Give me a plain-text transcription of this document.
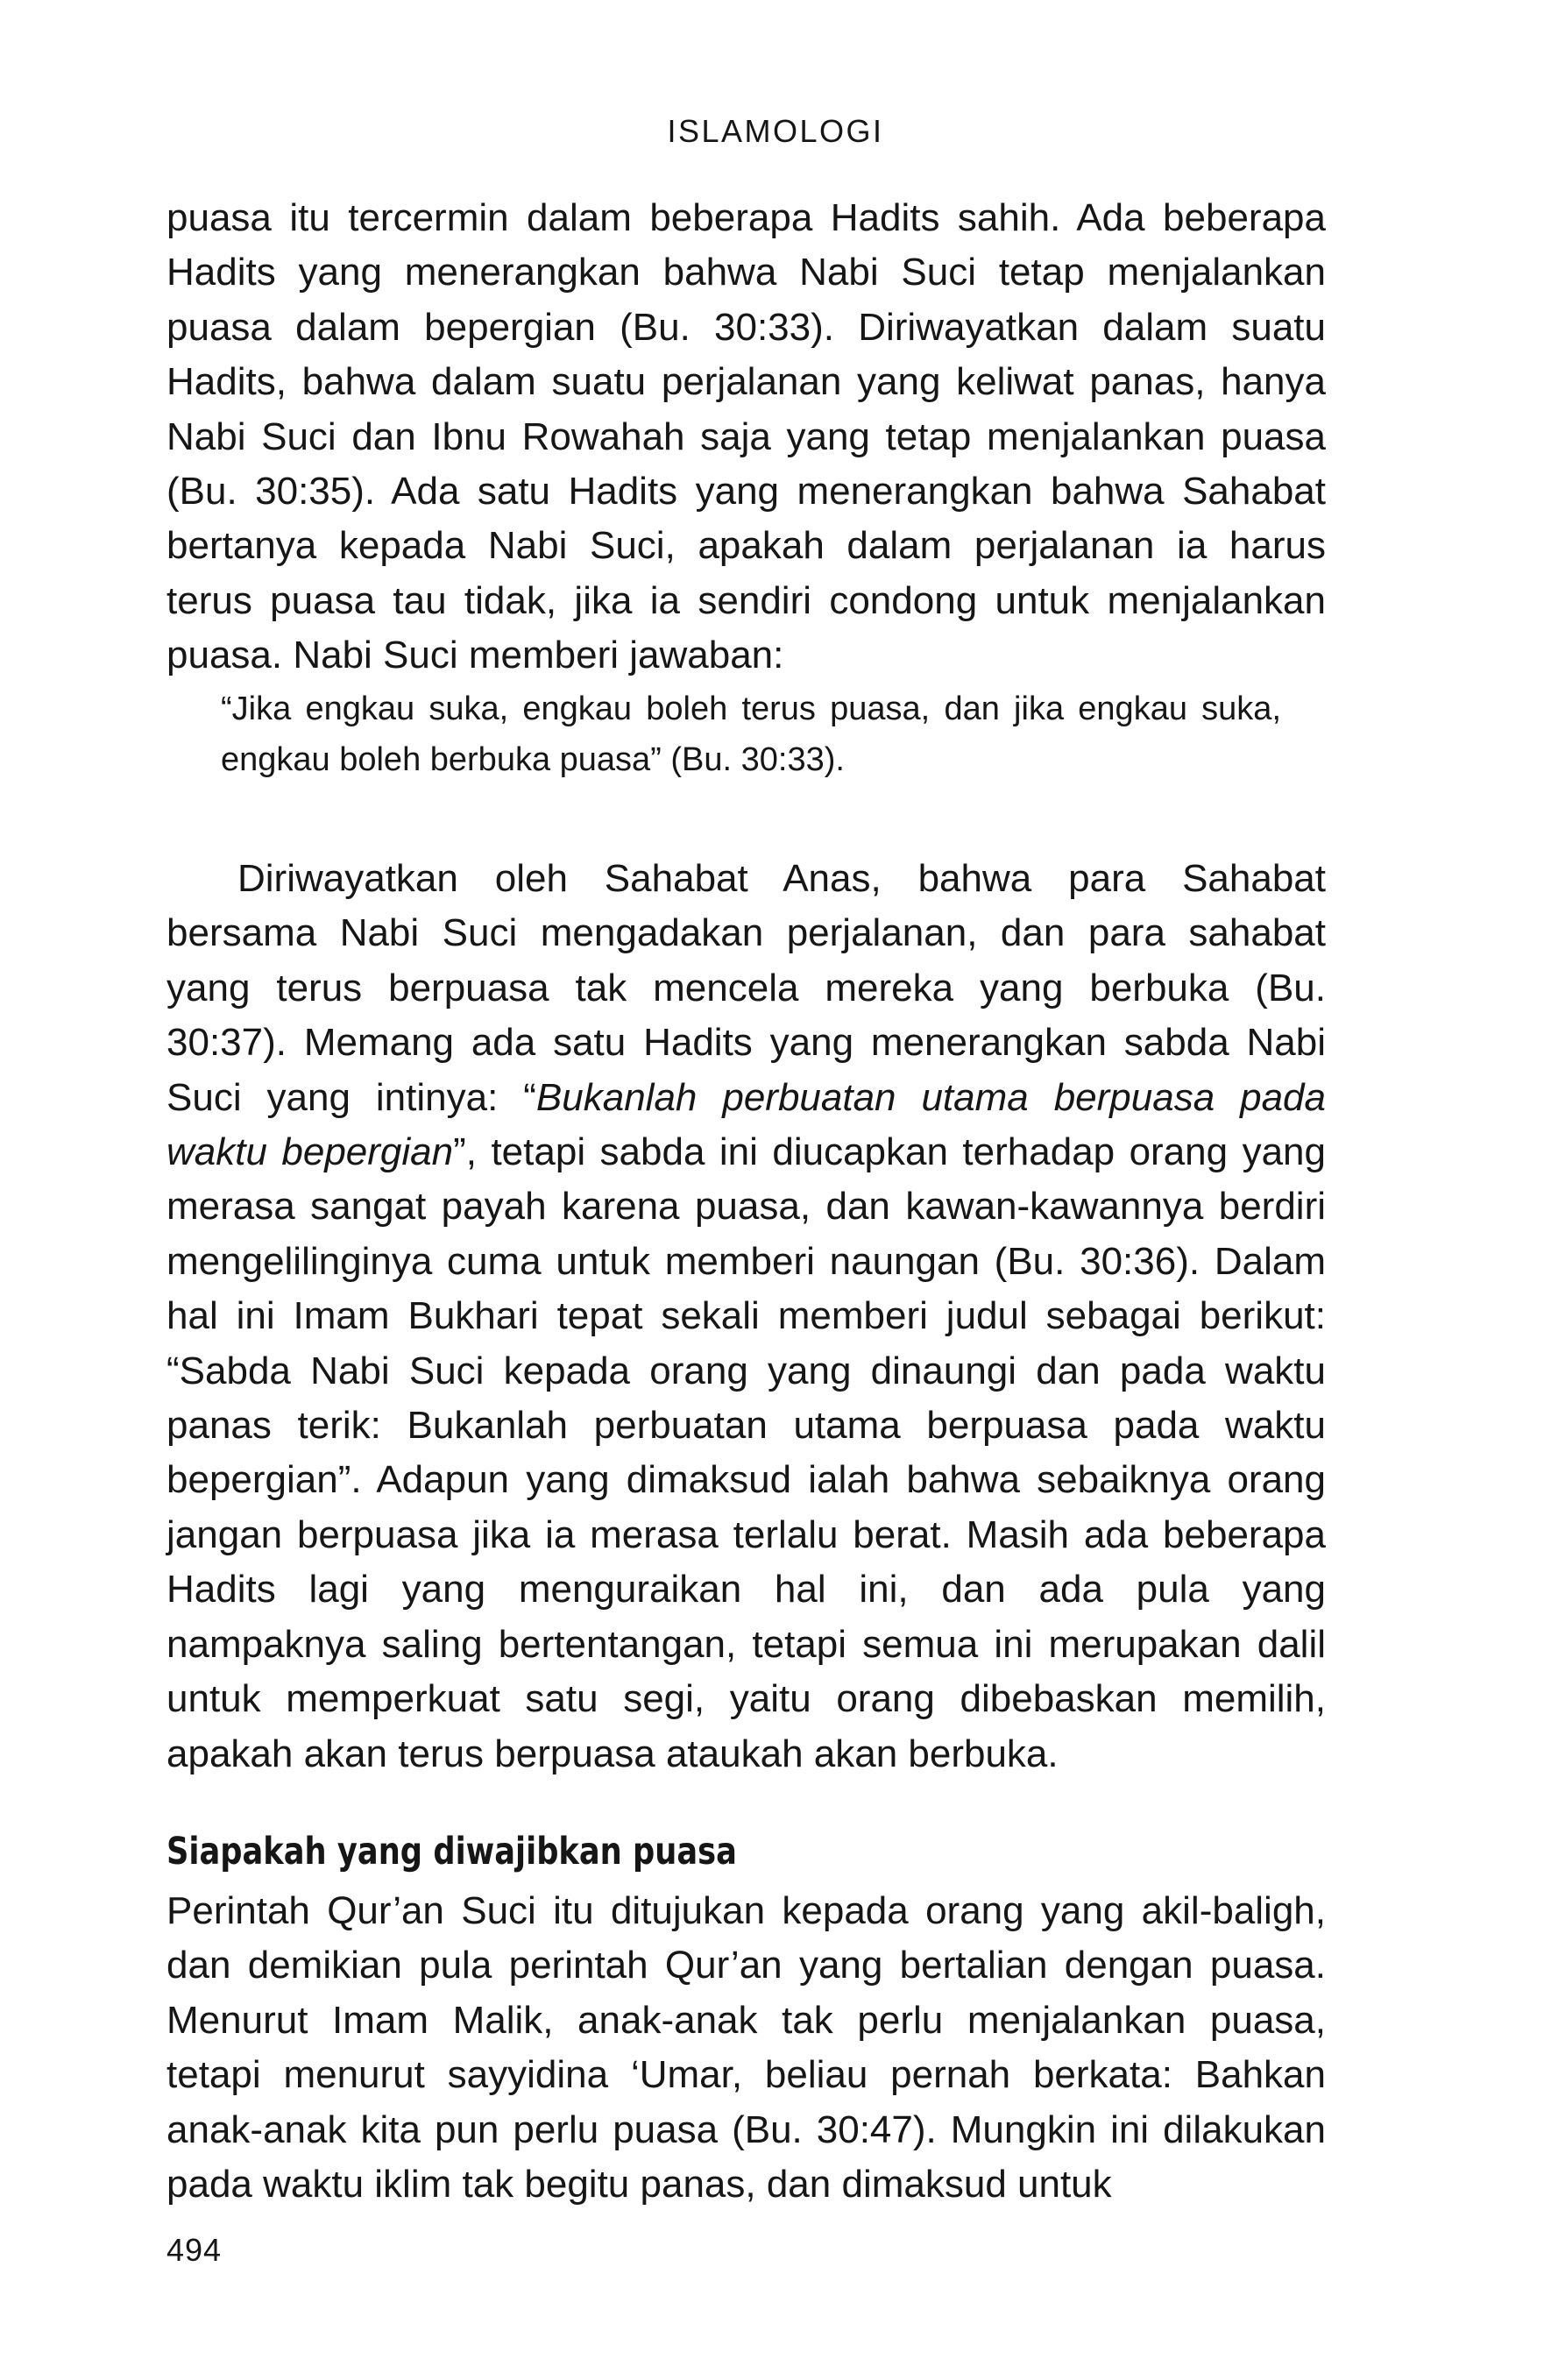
ISLAMOLOGI

puasa itu tercermin dalam beberapa Hadits sahih. Ada beberapa Hadits yang menerangkan bahwa Nabi Suci tetap menjalankan puasa dalam bepergian (Bu. 30:33). Diriwayatkan dalam suatu Hadits, bahwa dalam suatu perjalanan yang keliwat panas, hanya Nabi Suci dan Ibnu Rowahah saja yang tetap menjalankan puasa (Bu. 30:35). Ada satu Hadits yang menerangkan bahwa Sahabat bertanya kepada Nabi Suci, apakah dalam perjalanan ia harus terus puasa tau tidak, jika ia sendiri condong untuk menjalankan puasa. Nabi Suci memberi jawaban:

“Jika engkau suka, engkau boleh terus puasa, dan jika engkau suka, engkau boleh berbuka puasa” (Bu. 30:33).

Diriwayatkan oleh Sahabat Anas, bahwa para Sahabat bersama Nabi Suci mengadakan perjalanan, dan para sahabat yang terus berpuasa tak mencela mereka yang berbuka (Bu. 30:37). Memang ada satu Hadits yang menerangkan sabda Nabi Suci yang intinya: “Bukanlah perbuatan utama berpuasa pada waktu bepergian”, tetapi sabda ini diucapkan terhadap orang yang merasa sangat payah karena puasa, dan kawan-kawannya berdiri mengelilinginya cuma untuk memberi naungan (Bu. 30:36). Dalam hal ini Imam Bukhari tepat sekali memberi judul sebagai berikut: “Sabda Nabi Suci kepada orang yang dinaungi dan pada waktu panas terik: Bukanlah perbuatan utama berpuasa pada waktu bepergian”. Adapun yang dimaksud ialah bahwa sebaiknya orang jangan berpuasa jika ia merasa terlalu berat. Masih ada beberapa Hadits lagi yang menguraikan hal ini, dan ada pula yang nampaknya saling bertentangan, tetapi semua ini merupakan dalil untuk memperkuat satu segi, yaitu orang dibebaskan memilih, apakah akan terus berpuasa ataukah akan berbuka.

Siapakah yang diwajibkan puasa

Perintah Qur’an Suci itu ditujukan kepada orang yang akil-baligh, dan demikian pula perintah Qur’an yang bertalian dengan puasa. Menurut Imam Malik, anak-anak tak perlu menjalankan puasa, tetapi menurut sayyidina ‘Umar, beliau pernah berkata: Bahkan anak-anak kita pun perlu puasa (Bu. 30:47). Mungkin ini dilakukan pada waktu iklim tak begitu panas, dan dimaksud untuk

494
